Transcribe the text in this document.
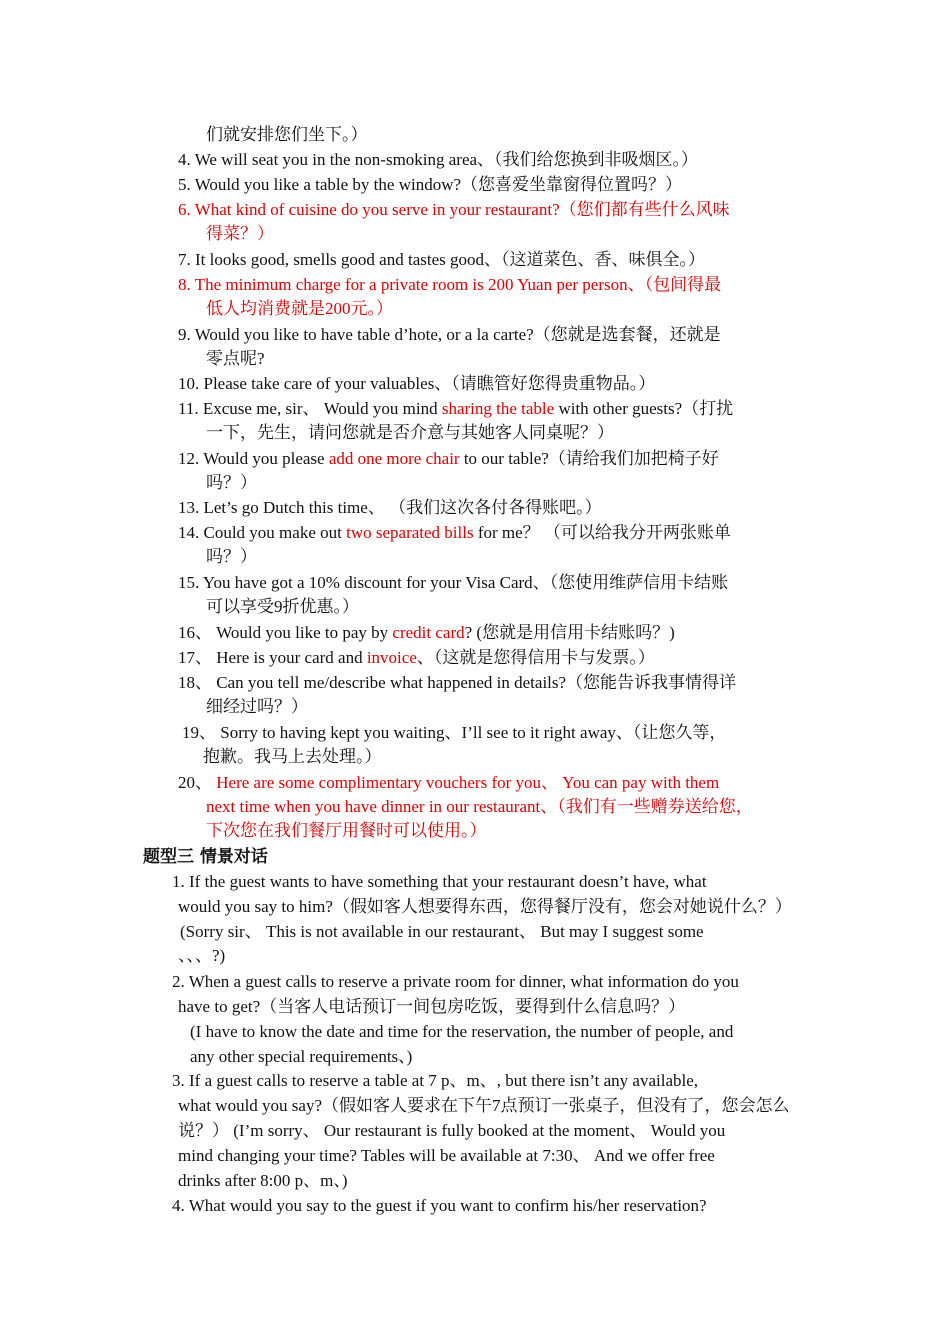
们就安排您们坐下。）
4. We will seat you in the non-smoking area、（我们给您换到非吸烟区。）
5. Would you like a table by the window?（您喜爱坐靠窗得位置吗？）
6. What kind of cuisine do you serve in your restaurant?（您们都有些什么风味
得菜？）
7. It looks good, smells good and tastes good、（这道菜色、香、味俱全。）
8. The minimum charge for a private room is 200 Yuan per person、（包间得最
低人均消费就是200元。）
9. Would you like to have table d’hote, or a la carte?（您就是选套餐，还就是
零点呢?
10. Please take care of your valuables、（请瞧管好您得贵重物品。）
11. Excuse me, sir、 Would you mind sharing the table with other guests?（打扰
一下，先生，请问您就是否介意与其她客人同桌呢？）
12. Would you please add one more chair to our table?（请给我们加把椅子好
吗？）
13. Let’s go Dutch this time、 （我们这次各付各得账吧。）
14. Could you make out two separated bills for me？ （可以给我分开两张账单
吗？）
15. You have got a 10% discount for your Visa Card、（您使用维萨信用卡结账
可以享受9折优惠。）
16、 Would you like to pay by credit card? (您就是用信用卡结账吗？)
17、 Here is your card and invoice、（这就是您得信用卡与发票。）
18、 Can you tell me/describe what happened in details?（您能告诉我事情得详
细经过吗？）
19、 Sorry to having kept you waiting、I’ll see to it right away、（让您久等，
抱歉。我马上去处理。）
20、 Here are some complimentary vouchers for you、 You can pay with them
next time when you have dinner in our restaurant、（我们有一些赠券送给您，
下次您在我们餐厅用餐时可以使用。）
题型三 情景对话
1. If the guest wants to have something that your restaurant doesn’t have, what
would you say to him?（假如客人想要得东西，您得餐厅没有，您会对她说什么？）
(Sorry sir、 This is not available in our restaurant、 But may I suggest some
、、、?)
2. When a guest calls to reserve a private room for dinner, what information do you
have to get?（当客人电话预订一间包房吃饭，要得到什么信息吗？）
(I have to know the date and time for the reservation, the number of people, and
any other special requirements、)
3. If a guest calls to reserve a table at 7 p、m、, but there isn’t any available,
what would you say?（假如客人要求在下午7点预订一张桌子，但没有了，您会怎么
说？） (I’m sorry、 Our restaurant is fully booked at the moment、 Would you
mind changing your time? Tables will be available at 7:30、 And we offer free
drinks after 8:00 p、m、)
4. What would you say to the guest if you want to confirm his/her reservation?
